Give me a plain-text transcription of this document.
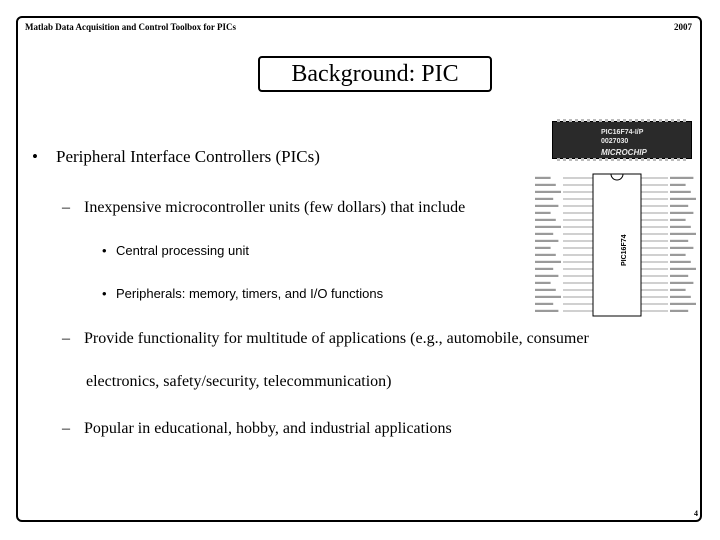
Matlab Data Acquisition and Control Toolbox for PICs	2007
Background: PIC
PIC16F74-I/P
0027030
MICROCHIP
PIC16F74
• Peripheral Interface Controllers (PICs)
– Inexpensive microcontroller units (few dollars) that include
• Central processing unit
• Peripherals: memory, timers, and I/O functions
– Provide functionality for multitude of applications (e.g., automobile, consumer
electronics, safety/security, telecommunication)
– Popular in educational, hobby, and industrial applications
4
